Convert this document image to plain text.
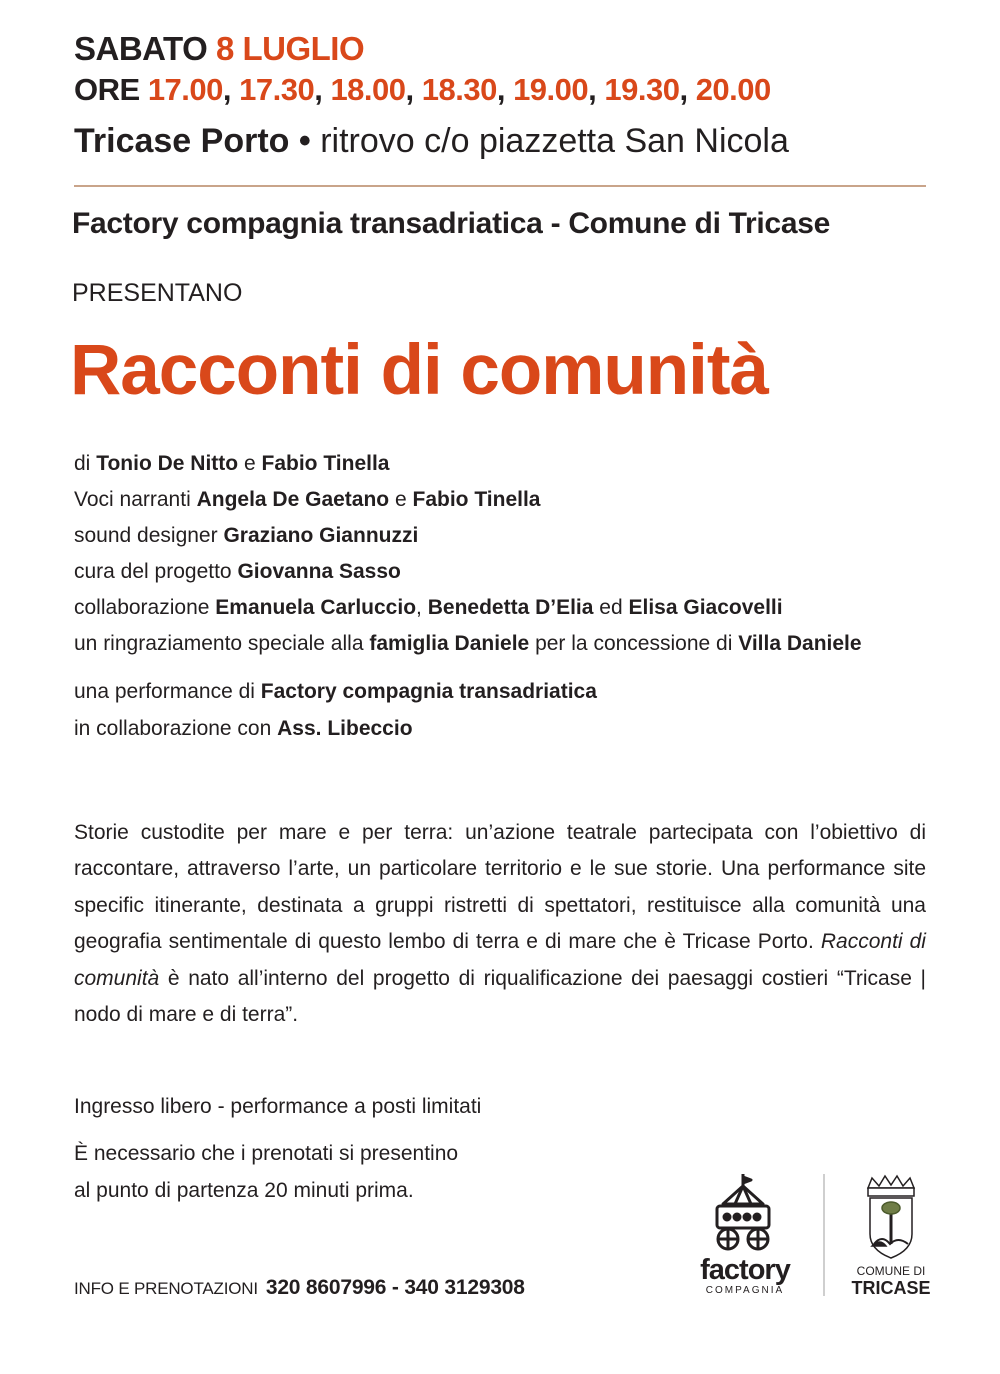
SABATO 8 LUGLIO
ORE 17.00, 17.30, 18.00, 18.30, 19.00, 19.30, 20.00
Tricase Porto • ritrovo c/o piazzetta San Nicola
Factory compagnia transadriatica - Comune di Tricase
PRESENTANO
Racconti di comunità
di Tonio De Nitto e Fabio Tinella
Voci narranti Angela De Gaetano e Fabio Tinella
sound designer Graziano Giannuzzi
cura del progetto Giovanna Sasso
collaborazione Emanuela Carluccio, Benedetta D’Elia ed Elisa Giacovelli
un ringraziamento speciale alla famiglia Daniele per la concessione di Villa Daniele
una performance di Factory compagnia transadriatica
in collaborazione con Ass. Libeccio
Storie custodite per mare e per terra: un’azione teatrale partecipata con l’obiettivo di raccontare, attraverso l’arte, un particolare territorio e le sue storie. Una performance site specific itinerante, destinata a gruppi ristretti di spettatori, restituisce alla comunità una geografia sentimentale di questo lembo di terra e di mare che è Tricase Porto. Racconti di comunità è nato all’interno del progetto di riqualificazione dei paesaggi costieri “Tricase | nodo di mare e di terra”.
Ingresso libero - performance a posti limitati
È necessario che i prenotati si presentino
al punto di partenza 20 minuti prima.
INFO E PRENOTAZIONI 320 8607996 - 340 3129308
factory
COMPAGNIA
COMUNE DI
TRICASE
